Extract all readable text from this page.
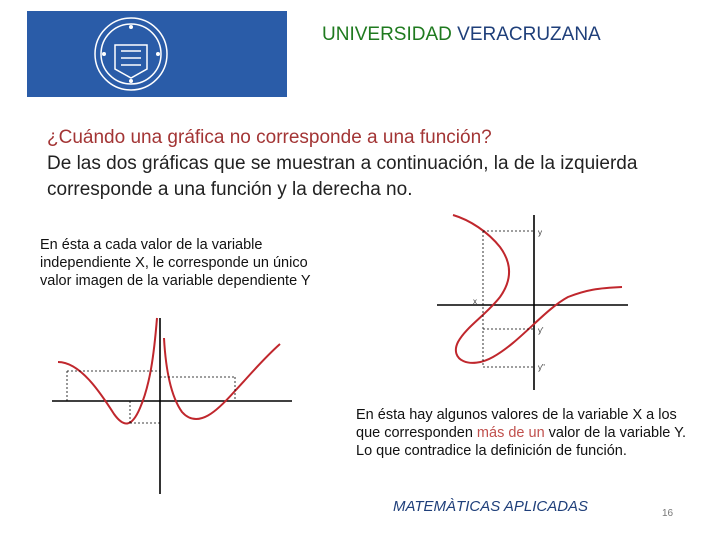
UNIVERSIDAD VERACRUZANA
¿Cuándo una gráfica no corresponde a una función?
De las dos gráficas que se muestran a continuación, la de la izquierda corresponde a una función y la derecha no.
En ésta a cada valor de la variable independiente X, le corresponde un único valor imagen de la variable dependiente Y
En ésta hay algunos valores de la variable X a los que corresponden más de un valor de la variable Y. Lo que contradice la definición de función.
y
x
y'
y"
MATEMÀTICAS APLICADAS	16
